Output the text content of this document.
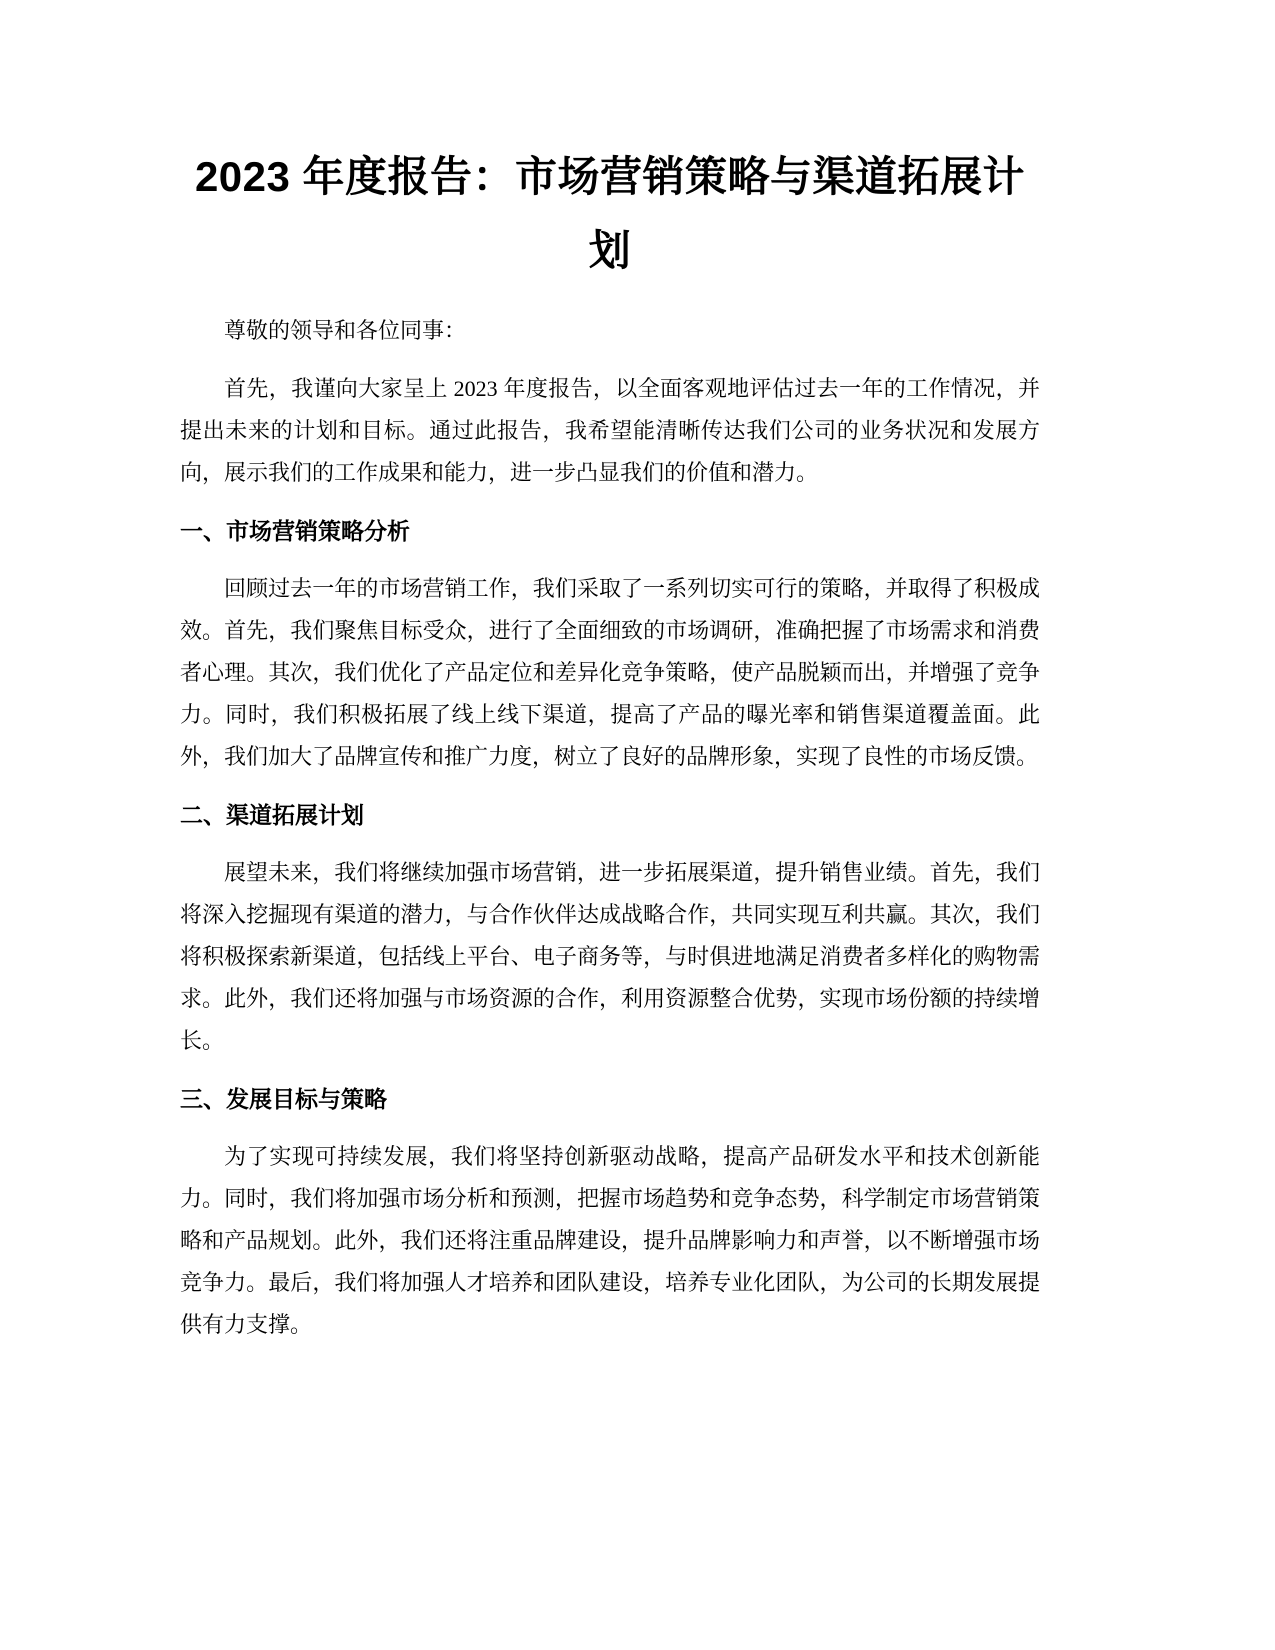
2023 年度报告：市场营销策略与渠道拓展计划

尊敬的领导和各位同事：

首先，我谨向大家呈上 2023 年度报告，以全面客观地评估过去一年的工作情况，并提出未来的计划和目标。通过此报告，我希望能清晰传达我们公司的业务状况和发展方向，展示我们的工作成果和能力，进一步凸显我们的价值和潜力。

一、市场营销策略分析

回顾过去一年的市场营销工作，我们采取了一系列切实可行的策略，并取得了积极成效。首先，我们聚焦目标受众，进行了全面细致的市场调研，准确把握了市场需求和消费者心理。其次，我们优化了产品定位和差异化竞争策略，使产品脱颖而出，并增强了竞争力。同时，我们积极拓展了线上线下渠道，提高了产品的曝光率和销售渠道覆盖面。此外，我们加大了品牌宣传和推广力度，树立了良好的品牌形象，实现了良性的市场反馈。

二、渠道拓展计划

展望未来，我们将继续加强市场营销，进一步拓展渠道，提升销售业绩。首先，我们将深入挖掘现有渠道的潜力，与合作伙伴达成战略合作，共同实现互利共赢。其次，我们将积极探索新渠道，包括线上平台、电子商务等，与时俱进地满足消费者多样化的购物需求。此外，我们还将加强与市场资源的合作，利用资源整合优势，实现市场份额的持续增长。

三、发展目标与策略

为了实现可持续发展，我们将坚持创新驱动战略，提高产品研发水平和技术创新能力。同时，我们将加强市场分析和预测，把握市场趋势和竞争态势，科学制定市场营销策略和产品规划。此外，我们还将注重品牌建设，提升品牌影响力和声誉，以不断增强市场竞争力。最后，我们将加强人才培养和团队建设，培养专业化团队，为公司的长期发展提供有力支撑。
